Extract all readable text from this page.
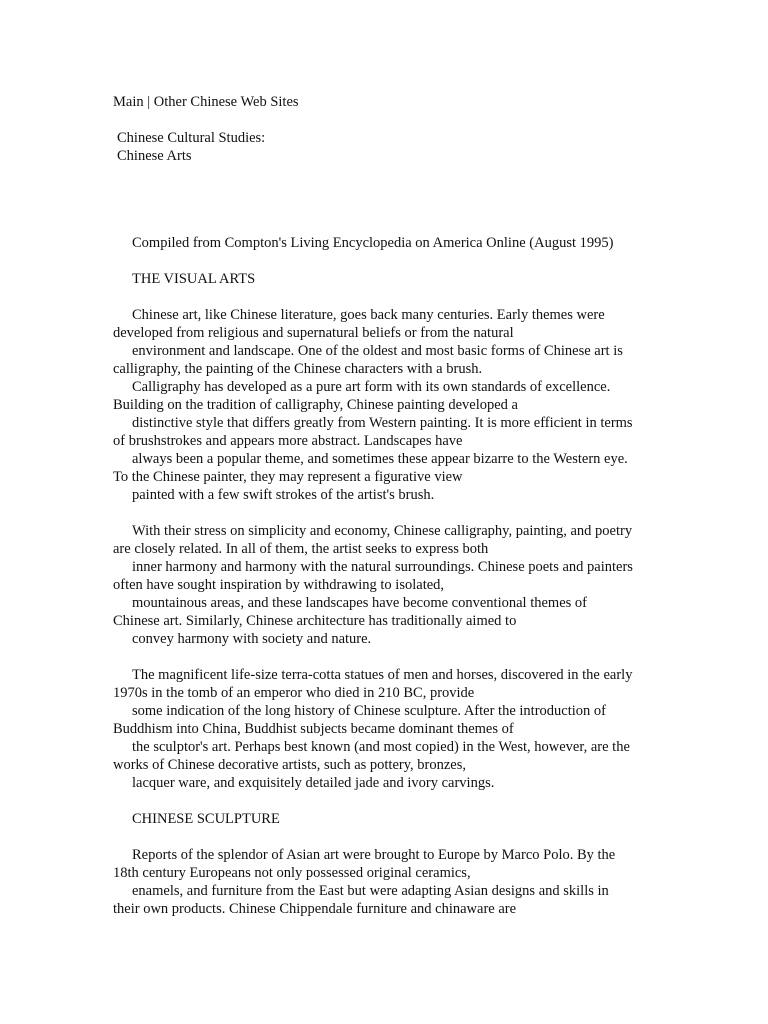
Main | Other Chinese Web Sites
Chinese Cultural Studies:
Chinese Arts

Compiled from Compton's Living Encyclopedia on America Online (August 1995)

THE VISUAL ARTS

Chinese art, like Chinese literature, goes back many centuries. Early themes were
developed from religious and supernatural beliefs or from the natural
environment and landscape. One of the oldest and most basic forms of Chinese art is
calligraphy, the painting of the Chinese characters with a brush.
Calligraphy has developed as a pure art form with its own standards of excellence.
Building on the tradition of calligraphy, Chinese painting developed a
distinctive style that differs greatly from Western painting. It is more efficient in terms
of brushstrokes and appears more abstract. Landscapes have
always been a popular theme, and sometimes these appear bizarre to the Western eye.
To the Chinese painter, they may represent a figurative view
painted with a few swift strokes of the artist's brush.

With their stress on simplicity and economy, Chinese calligraphy, painting, and poetry
are closely related. In all of them, the artist seeks to express both
inner harmony and harmony with the natural surroundings. Chinese poets and painters
often have sought inspiration by withdrawing to isolated,
mountainous areas, and these landscapes have become conventional themes of
Chinese art. Similarly, Chinese architecture has traditionally aimed to
convey harmony with society and nature.

The magnificent life-size terra-cotta statues of men and horses, discovered in the early
1970s in the tomb of an emperor who died in 210 BC, provide
some indication of the long history of Chinese sculpture. After the introduction of
Buddhism into China, Buddhist subjects became dominant themes of
the sculptor's art. Perhaps best known (and most copied) in the West, however, are the
works of Chinese decorative artists, such as pottery, bronzes,
lacquer ware, and exquisitely detailed jade and ivory carvings.

CHINESE SCULPTURE

Reports of the splendor of Asian art were brought to Europe by Marco Polo. By the
18th century Europeans not only possessed original ceramics,
enamels, and furniture from the East but were adapting Asian designs and skills in
their own products. Chinese Chippendale furniture and chinaware are
